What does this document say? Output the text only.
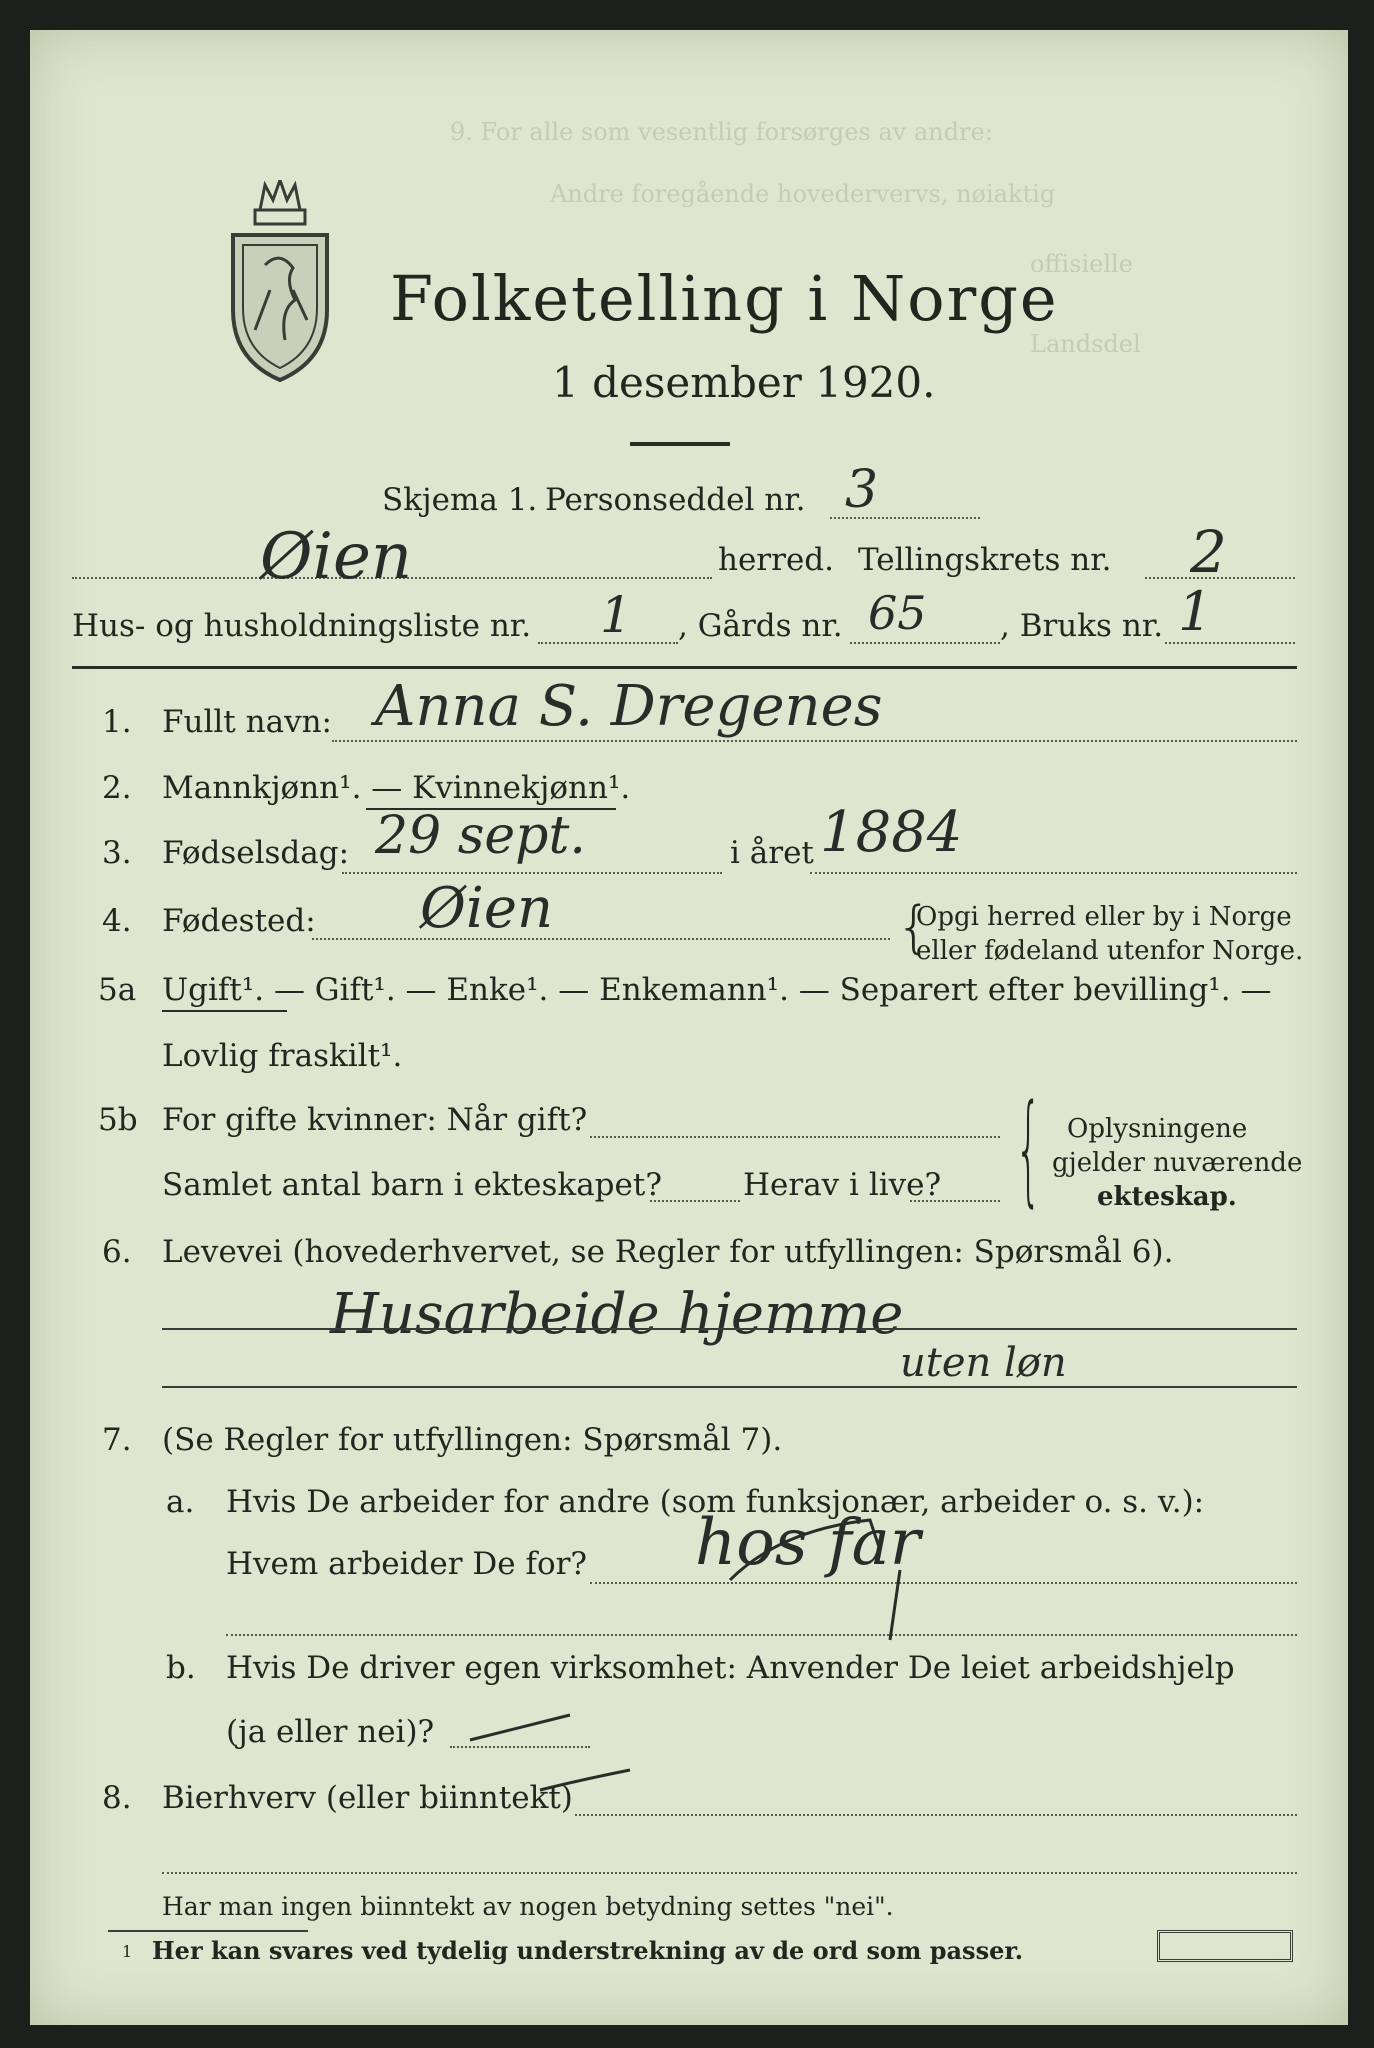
9. For alle som vesentlig forsørges av andre:
Andre foregående hovedervervs, nøiaktig
offisielle
Landsdel
Folketelling i Norge
1 desember 1920.
Skjema 1. Personseddel nr. 3
Øien	herred. Tellingskrets nr. 2
Hus- og husholdningsliste nr. 1 , Gårds nr. 65 , Bruks nr. 1
1. Fullt navn: Anna S. Dregenes
2. Mannkjønn¹. — Kvinnekjønn¹.
3. Fødselsdag: 29 sept.	i året 1884
4. Fødested: Øien	{
Opgi herred eller by i Norge
eller fødeland utenfor Norge.
5a Ugift¹. — Gift¹. — Enke¹. — Enkemann¹. — Separert efter bevilling¹. —
Lovlig fraskilt¹.
5b For gifte kvinner: Når gift?
Samlet antal barn i ekteskapet?	Herav i live? { Oplysningene
gjelder nuværende
ekteskap.
6. Levevei (hovederhvervet, se Regler for utfyllingen: Spørsmål 6).
Husarbeide hjemme
uten løn
7. (Se Regler for utfyllingen: Spørsmål 7).
a. Hvis De arbeider for andre (som funksjonær, arbeider o. s. v.):
Hvem arbeider De for? hos far
b. Hvis De driver egen virksomhet: Anvender De leiet arbeidshjelp
(ja eller nei)?
8. Bierhverv (eller biinntekt)
Har man ingen biinntekt av nogen betydning settes "nei".
1 Her kan svares ved tydelig understrekning av de ord som passer.
